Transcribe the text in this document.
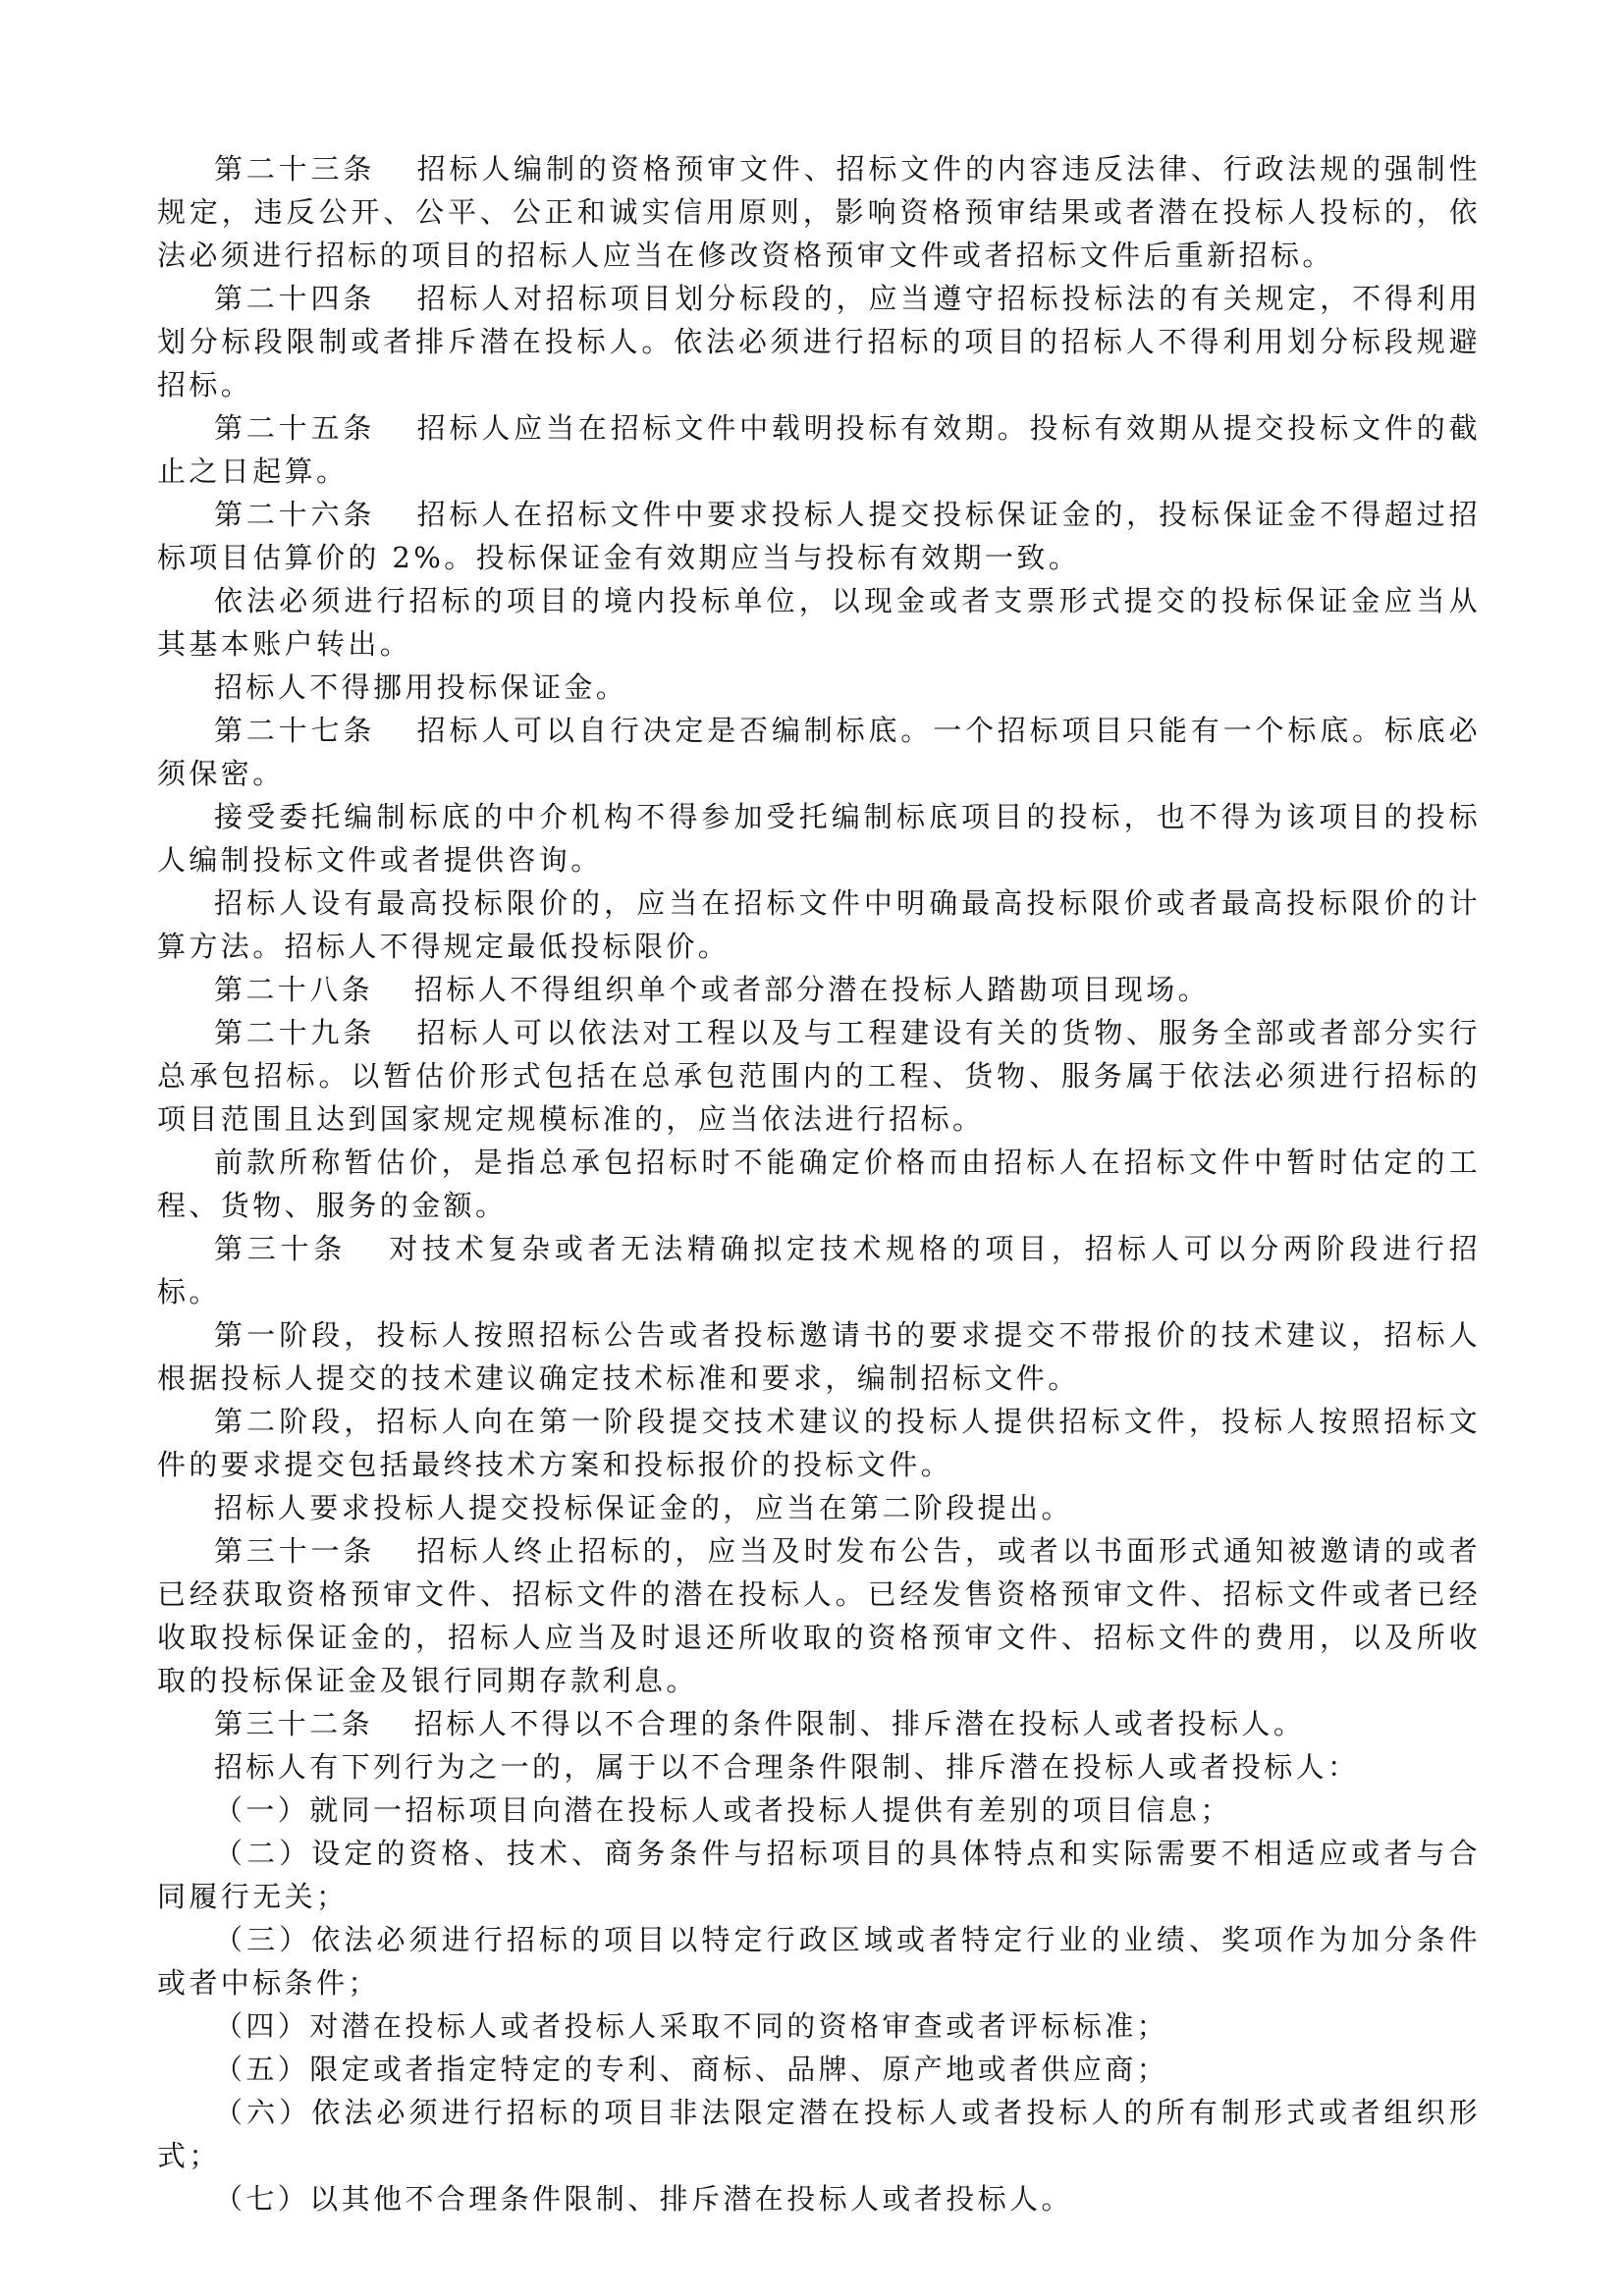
第二十三条 招标人编制的资格预审文件、招标文件的内容违反法律、行政法规的强制性规定，违反公开、公平、公正和诚实信用原则，影响资格预审结果或者潜在投标人投标的，依法必须进行招标的项目的招标人应当在修改资格预审文件或者招标文件后重新招标。

第二十四条 招标人对招标项目划分标段的，应当遵守招标投标法的有关规定，不得利用划分标段限制或者排斥潜在投标人。依法必须进行招标的项目的招标人不得利用划分标段规避招标。

第二十五条 招标人应当在招标文件中载明投标有效期。投标有效期从提交投标文件的截止之日起算。

第二十六条 招标人在招标文件中要求投标人提交投标保证金的，投标保证金不得超过招标项目估算价的 2%。投标保证金有效期应当与投标有效期一致。

依法必须进行招标的项目的境内投标单位，以现金或者支票形式提交的投标保证金应当从其基本账户转出。

招标人不得挪用投标保证金。

第二十七条 招标人可以自行决定是否编制标底。一个招标项目只能有一个标底。标底必须保密。

接受委托编制标底的中介机构不得参加受托编制标底项目的投标，也不得为该项目的投标人编制投标文件或者提供咨询。

招标人设有最高投标限价的，应当在招标文件中明确最高投标限价或者最高投标限价的计算方法。招标人不得规定最低投标限价。

第二十八条 招标人不得组织单个或者部分潜在投标人踏勘项目现场。

第二十九条 招标人可以依法对工程以及与工程建设有关的货物、服务全部或者部分实行总承包招标。以暂估价形式包括在总承包范围内的工程、货物、服务属于依法必须进行招标的项目范围且达到国家规定规模标准的，应当依法进行招标。

前款所称暂估价，是指总承包招标时不能确定价格而由招标人在招标文件中暂时估定的工程、货物、服务的金额。

第三十条 对技术复杂或者无法精确拟定技术规格的项目，招标人可以分两阶段进行招标。

第一阶段，投标人按照招标公告或者投标邀请书的要求提交不带报价的技术建议，招标人根据投标人提交的技术建议确定技术标准和要求，编制招标文件。

第二阶段，招标人向在第一阶段提交技术建议的投标人提供招标文件，投标人按照招标文件的要求提交包括最终技术方案和投标报价的投标文件。

招标人要求投标人提交投标保证金的，应当在第二阶段提出。

第三十一条 招标人终止招标的，应当及时发布公告，或者以书面形式通知被邀请的或者已经获取资格预审文件、招标文件的潜在投标人。已经发售资格预审文件、招标文件或者已经收取投标保证金的，招标人应当及时退还所收取的资格预审文件、招标文件的费用，以及所收取的投标保证金及银行同期存款利息。

第三十二条 招标人不得以不合理的条件限制、排斥潜在投标人或者投标人。

招标人有下列行为之一的，属于以不合理条件限制、排斥潜在投标人或者投标人：

（一）就同一招标项目向潜在投标人或者投标人提供有差别的项目信息；

（二）设定的资格、技术、商务条件与招标项目的具体特点和实际需要不相适应或者与合同履行无关；

（三）依法必须进行招标的项目以特定行政区域或者特定行业的业绩、奖项作为加分条件或者中标条件；

（四）对潜在投标人或者投标人采取不同的资格审查或者评标标准；

（五）限定或者指定特定的专利、商标、品牌、原产地或者供应商；

（六）依法必须进行招标的项目非法限定潜在投标人或者投标人的所有制形式或者组织形式；

（七）以其他不合理条件限制、排斥潜在投标人或者投标人。
